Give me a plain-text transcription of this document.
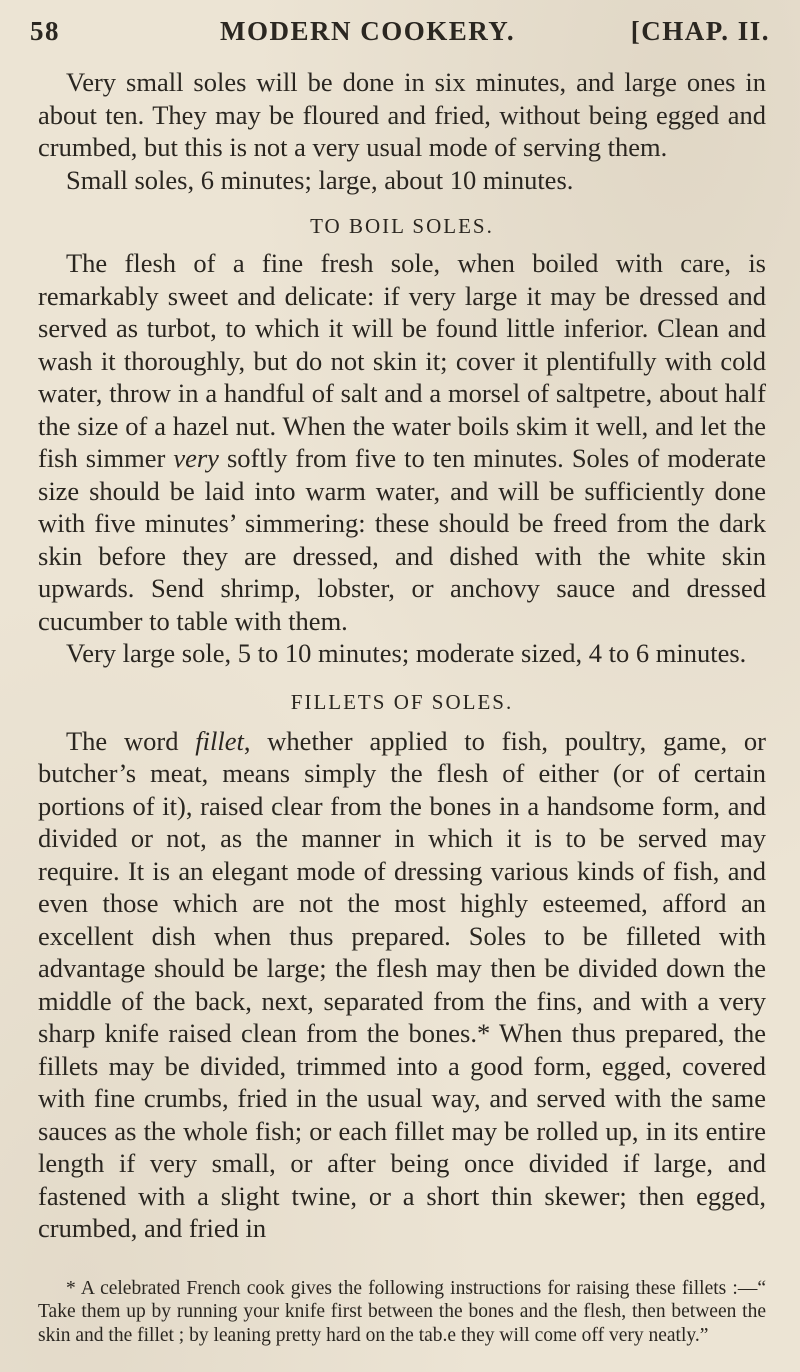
58	MODERN COOKERY.	[CHAP. II.

Very small soles will be done in six minutes, and large ones in about ten. They may be floured and fried, without being egged and crumbed, but this is not a very usual mode of serving them.

Small soles, 6 minutes; large, about 10 minutes.

TO BOIL SOLES.

The flesh of a fine fresh sole, when boiled with care, is remarkably sweet and delicate: if very large it may be dressed and served as turbot, to which it will be found little inferior. Clean and wash it thoroughly, but do not skin it; cover it plentifully with cold water, throw in a handful of salt and a morsel of saltpetre, about half the size of a hazel nut. When the water boils skim it well, and let the fish simmer very softly from five to ten minutes. Soles of moderate size should be laid into warm water, and will be sufficiently done with five minutes’ simmering: these should be freed from the dark skin before they are dressed, and dished with the white skin upwards. Send shrimp, lobster, or anchovy sauce and dressed cucumber to table with them.

Very large sole, 5 to 10 minutes; moderate sized, 4 to 6 minutes.

FILLETS OF SOLES.

The word fillet, whether applied to fish, poultry, game, or butcher’s meat, means simply the flesh of either (or of certain portions of it), raised clear from the bones in a handsome form, and divided or not, as the manner in which it is to be served may require. It is an elegant mode of dressing various kinds of fish, and even those which are not the most highly esteemed, afford an excellent dish when thus prepared. Soles to be filleted with advantage should be large; the flesh may then be divided down the middle of the back, next, separated from the fins, and with a very sharp knife raised clean from the bones.* When thus prepared, the fillets may be divided, trimmed into a good form, egged, covered with fine crumbs, fried in the usual way, and served with the same sauces as the whole fish; or each fillet may be rolled up, in its entire length if very small, or after being once divided if large, and fastened with a slight twine, or a short thin skewer; then egged, crumbed, and fried in

* A celebrated French cook gives the following instructions for raising these fillets :—“ Take them up by running your knife first between the bones and the flesh, then between the skin and the fillet ; by leaning pretty hard on the tab.e they will come off very neatly.”
